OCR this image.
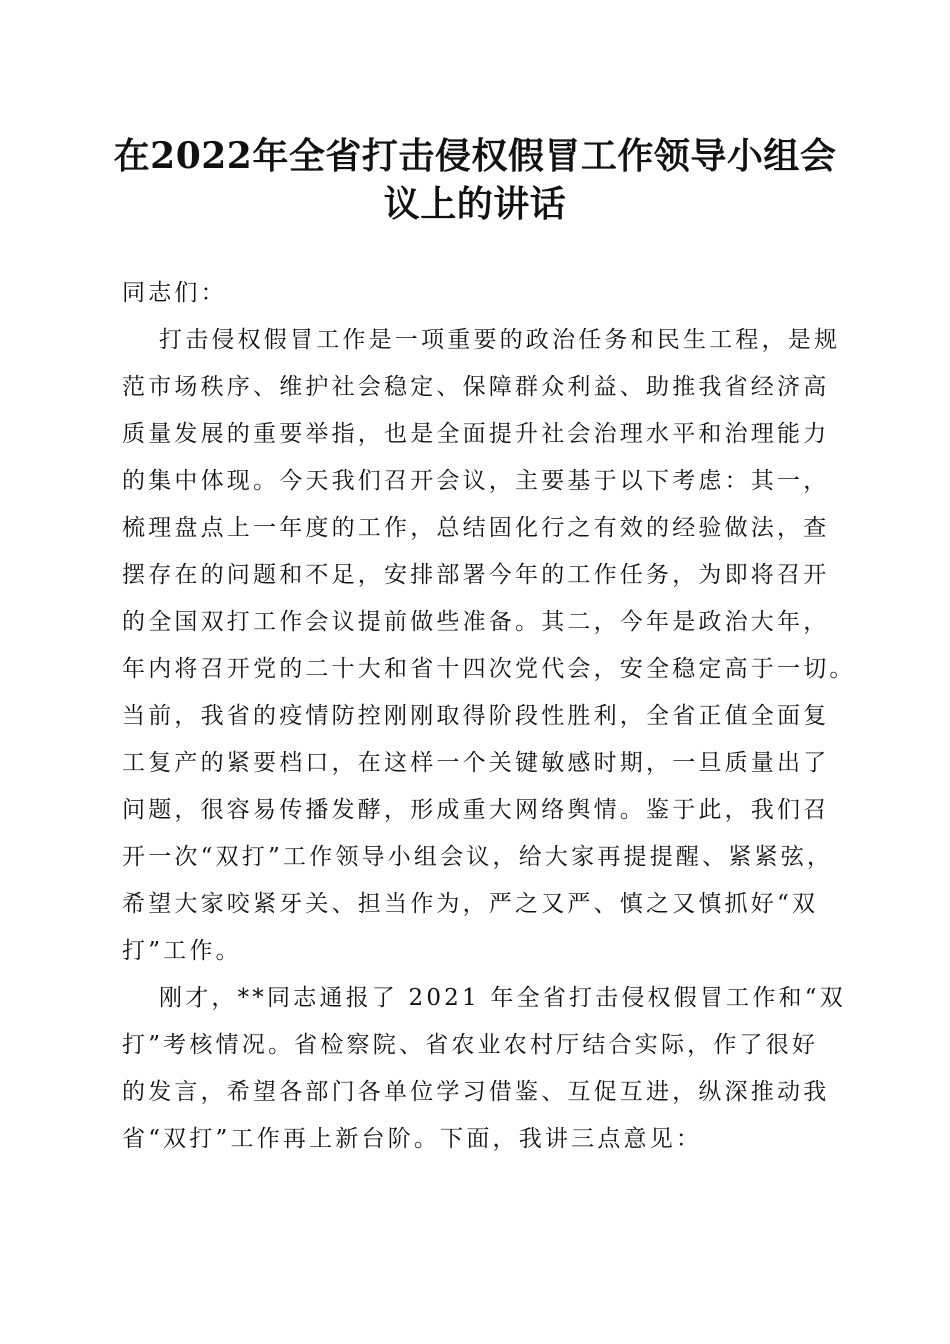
在2022年全省打击侵权假冒工作领导小组会
议上的讲话
同志们：
打击侵权假冒工作是一项重要的政治任务和民生工程，是规
范市场秩序、维护社会稳定、保障群众利益、助推我省经济高
质量发展的重要举指，也是全面提升社会治理水平和治理能力
的集中体现。今天我们召开会议，主要基于以下考虑：其一，
梳理盘点上一年度的工作，总结固化行之有效的经验做法，查
摆存在的问题和不足，安排部署今年的工作任务，为即将召开
的全国双打工作会议提前做些准备。其二，今年是政治大年，
年内将召开党的二十大和省十四次党代会，安全稳定高于一切。
当前，我省的疫情防控刚刚取得阶段性胜利，全省正值全面复
工复产的紧要档口，在这样一个关键敏感时期，一旦质量出了
问题，很容易传播发酵，形成重大网络舆情。鉴于此，我们召
开一次“双打”工作领导小组会议，给大家再提提醒、紧紧弦，
希望大家咬紧牙关、担当作为，严之又严、慎之又慎抓好“双
打”工作。
刚才，**同志通报了 2021 年全省打击侵权假冒工作和“双
打”考核情况。省检察院、省农业农村厅结合实际，作了很好
的发言，希望各部门各单位学习借鉴、互促互进，纵深推动我
省“双打”工作再上新台阶。下面，我讲三点意见：
